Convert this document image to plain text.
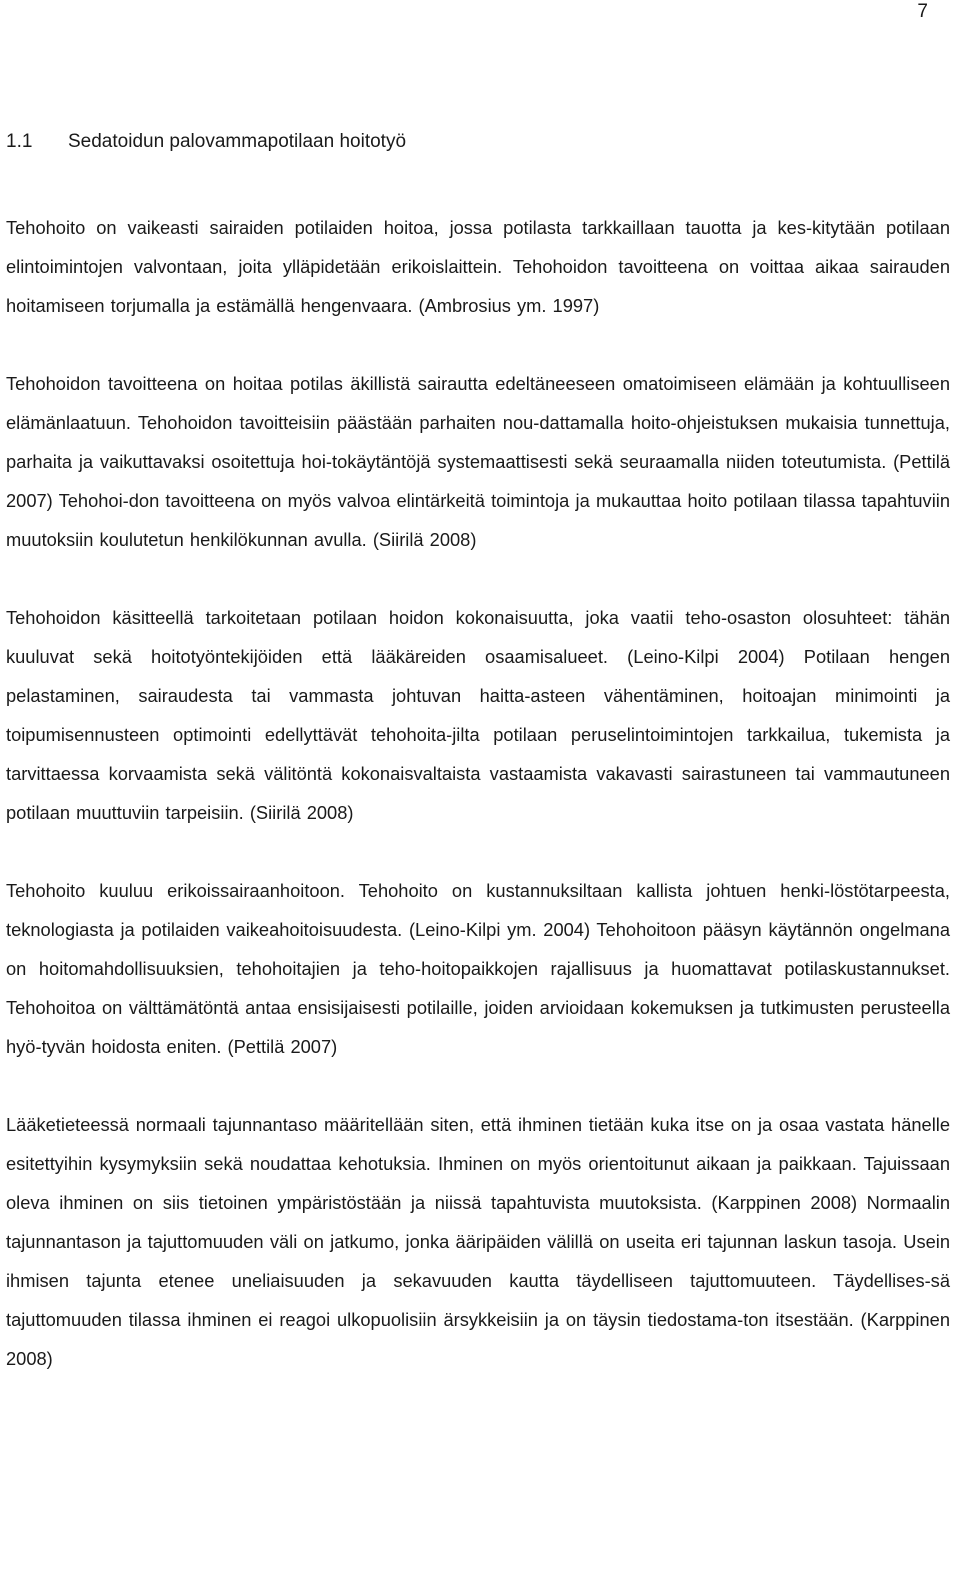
7
1.1	Sedatoidun palovammapotilaan hoitotyö

Tehohoito on vaikeasti sairaiden potilaiden hoitoa, jossa potilasta tarkkaillaan tauotta ja kes-kitytään potilaan elintoimintojen valvontaan, joita ylläpidetään erikoislaittein. Tehohoidon tavoitteena on voittaa aikaa sairauden hoitamiseen torjumalla ja estämällä hengenvaara. (Ambrosius ym. 1997)

Tehohoidon tavoitteena on hoitaa potilas äkillistä sairautta edeltäneeseen omatoimiseen elämään ja kohtuulliseen elämänlaatuun. Tehohoidon tavoitteisiin päästään parhaiten nou-dattamalla hoito-ohjeistuksen mukaisia tunnettuja, parhaita ja vaikuttavaksi osoitettuja hoi-tokäytäntöjä systemaattisesti sekä seuraamalla niiden toteutumista. (Pettilä 2007) Tehohoi-don tavoitteena on myös valvoa elintärkeitä toimintoja ja mukauttaa hoito potilaan tilassa tapahtuviin muutoksiin koulutetun henkilökunnan avulla. (Siirilä 2008)

Tehohoidon käsitteellä tarkoitetaan potilaan hoidon kokonaisuutta, joka vaatii teho-osaston olosuhteet: tähän kuuluvat sekä hoitotyöntekijöiden että lääkäreiden osaamisalueet. (Leino-Kilpi 2004) Potilaan hengen pelastaminen, sairaudesta tai vammasta johtuvan haitta-asteen vähentäminen, hoitoajan minimointi ja toipumisennusteen optimointi edellyttävät tehohoita-jilta potilaan peruselintoimintojen tarkkailua, tukemista ja tarvittaessa korvaamista sekä välitöntä kokonaisvaltaista vastaamista vakavasti sairastuneen tai vammautuneen potilaan muuttuviin tarpeisiin. (Siirilä 2008)

Tehohoito kuuluu erikoissairaanhoitoon. Tehohoito on kustannuksiltaan kallista johtuen henki-löstötarpeesta, teknologiasta ja potilaiden vaikeahoitoisuudesta. (Leino-Kilpi ym. 2004) Tehohoitoon pääsyn käytännön ongelmana on hoitomahdollisuuksien, tehohoitajien ja teho-hoitopaikkojen rajallisuus ja huomattavat potilaskustannukset. Tehohoitoa on välttämätöntä antaa ensisijaisesti potilaille, joiden arvioidaan kokemuksen ja tutkimusten perusteella hyö-tyvän hoidosta eniten. (Pettilä 2007)

Lääketieteessä normaali tajunnantaso määritellään siten, että ihminen tietään kuka itse on ja osaa vastata hänelle esitettyihin kysymyksiin sekä noudattaa kehotuksia. Ihminen on myös orientoitunut aikaan ja paikkaan. Tajuissaan oleva ihminen on siis tietoinen ympäristöstään ja niissä tapahtuvista muutoksista. (Karppinen 2008) Normaalin tajunnantason ja tajuttomuuden väli on jatkumo, jonka ääripäiden välillä on useita eri tajunnan laskun tasoja. Usein ihmisen tajunta etenee uneliaisuuden ja sekavuuden kautta täydelliseen tajuttomuuteen. Täydellises-sä tajuttomuuden tilassa ihminen ei reagoi ulkopuolisiin ärsykkeisiin ja on täysin tiedostama-ton itsestään. (Karppinen 2008)
